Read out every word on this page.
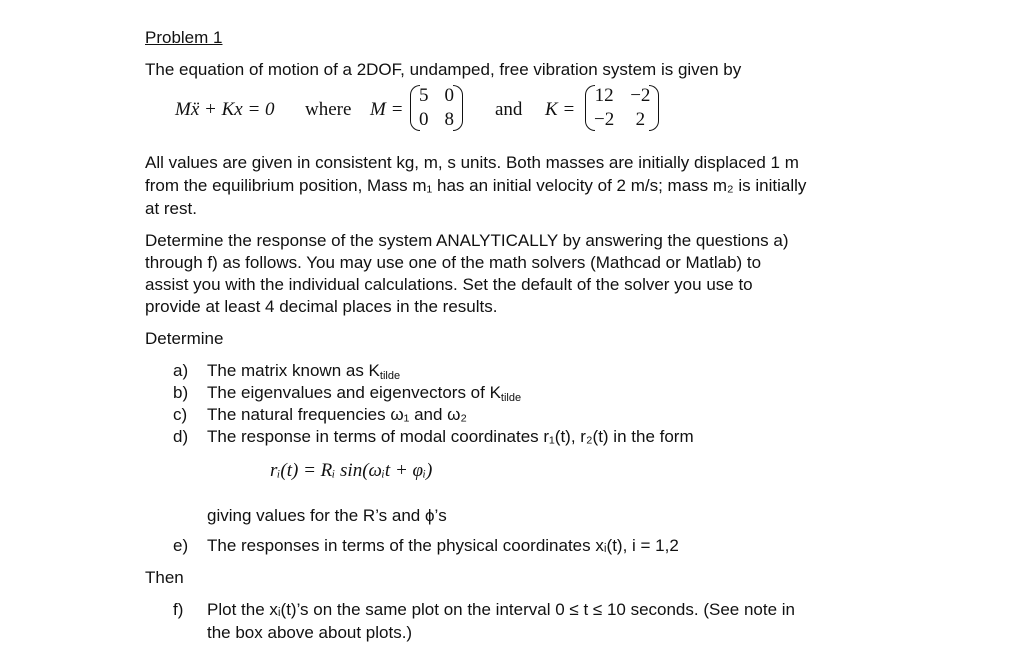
Problem 1
The equation of motion of a 2DOF, undamped, free vibration system is given by
Mẍ + Kx = 0 where M =
5 0
0 8 and K =
12 −2
−2 2
All values are given in consistent kg, m, s units. Both masses are initially displaced 1 m
from the equilibrium position, Mass m₁ has an initial velocity of 2 m/s; mass m₂ is initially
at rest.
Determine the response of the system ANALYTICALLY by answering the questions a)
through f) as follows. You may use one of the math solvers (Mathcad or Matlab) to
assist you with the individual calculations. Set the default of the solver you use to
provide at least 4 decimal places in the results.
Determine
a) The matrix known as $K_{tilde}$
b) The eigenvalues and eigenvectors of $K_{tilde}$
c) The natural frequencies ω₁ and ω₂
d) The response in terms of modal coordinates r₁(t), r₂(t) in the form
rᵢ(t) = Rᵢ sin(ωᵢt + φᵢ)
giving values for the R’s and ϕ’s
e) The responses in terms of the physical coordinates xᵢ(t), i = 1,2
Then
f) Plot the xᵢ(t)’s on the same plot on the interval 0 ≤ t ≤ 10 seconds. (See note in
the box above about plots.)
